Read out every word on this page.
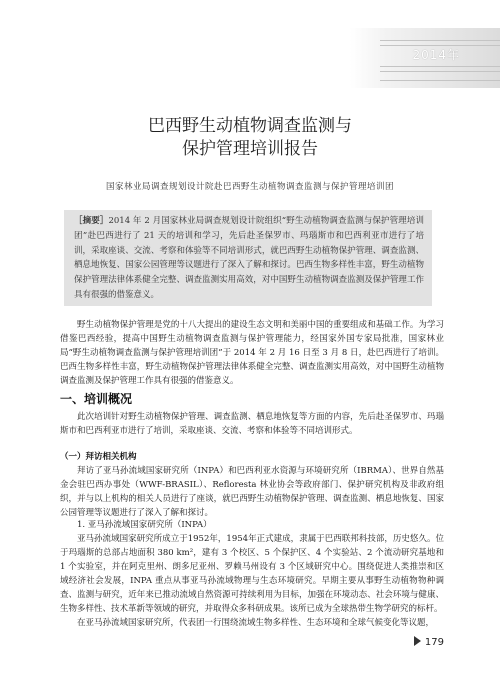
2014年
巴西野生动植物调查监测与
保护管理培训报告
国家林业局调查规划设计院赴巴西野生动植物调查监测与保护管理培训团
［摘要］2014 年 2 月国家林业局调查规划设计院组织“野生动植物调查监测与保护管理培训团”赴巴西进行了 21 天的培训和学习，先后赴圣保罗市、玛瑙斯市和巴西利亚市进行了培训，采取座谈、交流、考察和体验等不同培训形式，就巴西野生动植物保护管理、调查监测、栖息地恢复、国家公园管理等议题进行了深入了解和探讨。巴西生物多样性丰富，野生动植物保护管理法律体系健全完整、调查监测实用高效，对中国野生动植物调查监测及保护管理工作具有很强的借鉴意义。

野生动植物保护管理是党的十八大提出的建设生态文明和美丽中国的重要组成和基础工作。为学习借鉴巴西经验，提高中国野生动植物调查监测与保护管理能力，经国家外国专家局批准，国家林业局“野生动植物调查监测与保护管理培训团”于 2014 年 2 月 16 日至 3 月 8 日，赴巴西进行了培训。巴西生物多样性丰富，野生动植物保护管理法律体系健全完整、调查监测实用高效，对中国野生动植物调查监测及保护管理工作具有很强的借鉴意义。

一、培训概况

此次培训针对野生动植物保护管理、调查监测、栖息地恢复等方面的内容，先后赴圣保罗市、玛瑙斯市和巴西利亚市进行了培训，采取座谈、交流、考察和体验等不同培训形式。

（一）拜访相关机构

拜访了亚马孙流域国家研究所（INPA）和巴西利亚水资源与环境研究所（IBRMA）、世界自然基金会驻巴西办事处（WWF-BRASIL）、Reflorestа 林业协会等政府部门、保护研究机构及非政府组织，并与以上机构的相关人员进行了座谈，就巴西野生动植物保护管理、调查监测、栖息地恢复、国家公园管理等议题进行了深入了解和探讨。

1. 亚马孙流域国家研究所（INPA）

亚马孙流域国家研究所成立于1952年，1954年正式建成，隶属于巴西联邦科技部，历史悠久。位于玛瑙斯的总部占地面积 380 km²，建有 3 个校区、5 个保护区、4 个实验站、2 个流动研究基地和 1 个实验室，并在阿克里州、朗多尼亚州、罗赖马州设有 3 个区域研究中心。围绕促进人类推崇和区域经济社会发展，INPA 重点从事亚马孙流域物理与生态环境研究。早期主要从事野生动植物物种调查、监测与研究，近年来已推动流域自然资源可持续利用为目标，加强在环境动态、社会环境与健康、生物多样性、技术革新等领域的研究，并取得众多科研成果。该所已成为全球热带生物学研究的标杆。

在亚马孙流域国家研究所，代表团一行围绕流域生物多样性、生态环境和全球气候变化等议题，

179
